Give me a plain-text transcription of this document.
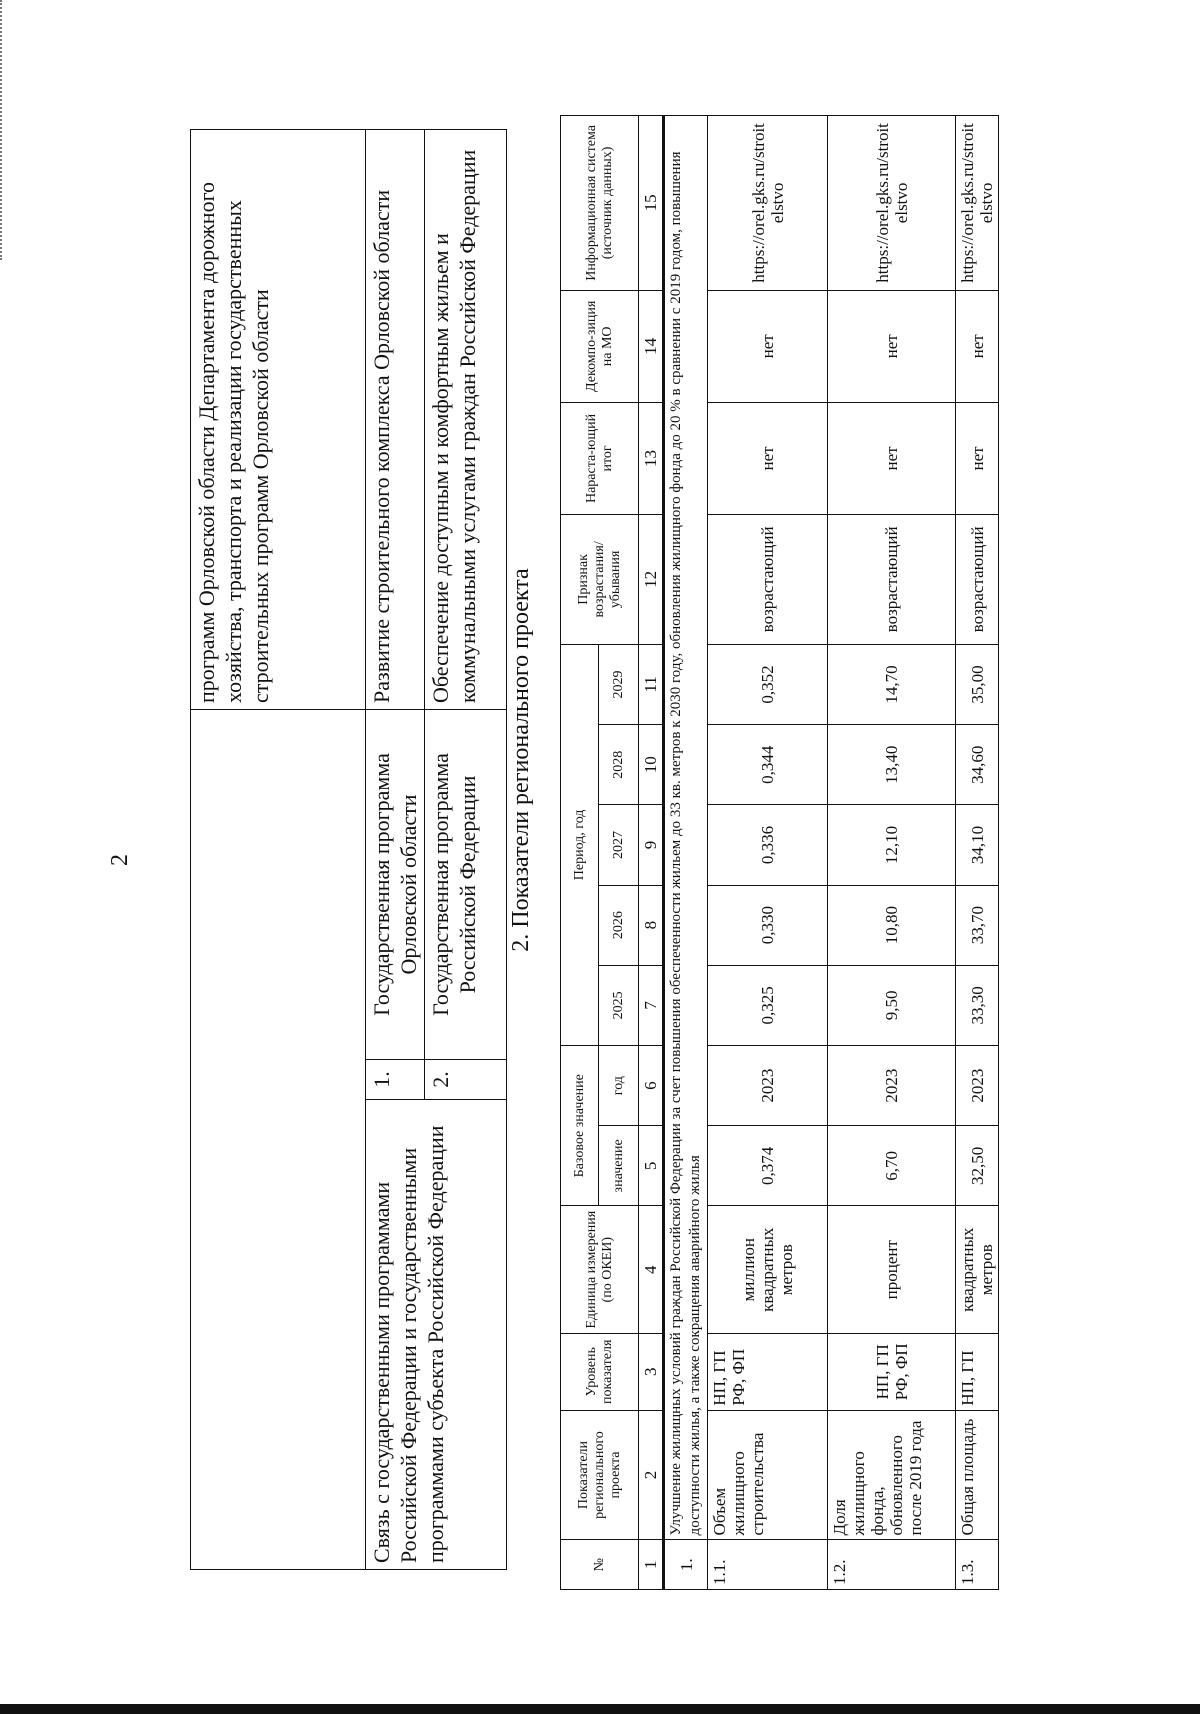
2
			программ Орловской области Департамента дорожного хозяйства, транспорта и реализации государственных строительных программ Орловской области
Связь с государственными программами Российской Федерации и государственными программами субъекта Российской Федерации	1.	Государственная программа Орловской области	Развитие строительного комплекса Орловской области
	2.	Государственная программа Российской Федерации	Обеспечение доступным и комфортным жильем и коммунальными услугами граждан Российской Федерации
2. Показатели регионального проекта
№	Показатели регионального проекта	Уровень показателя	Единица измерения (по ОКЕИ)	Базовое значение		Период, год					Признак возрастания/ убывания	Нараста-ющий итог	Декомпо-зиция на МО	Информационная система (источник данных)
				значение	год	2025	2026	2027	2028	2029				
1	2	3	4	5	6	7	8	9	10	11	12	13	14	15
1.	Улучшение жилищных условий граждан Российской Федерации за счет повышения обеспеченности жильем до 33 кв. метров к 2030 году, обновления жилищного фонда до 20 % в сравнении с 2019 годом, повышения доступности жилья, а также сокращения аварийного жилья													
1.1.	Объем жилищного строительства	НП, ГП РФ, ФП	миллион квадратных метров	0,374	2023	0,325	0,330	0,336	0,344	0,352	возрастающий	нет	нет	https://orel.gks.ru/stroitelstvo
1.2.	Доля жилищного фонда, обновленного после 2019 года	НП, ГП РФ, ФП	процент	6,70	2023	9,50	10,80	12,10	13,40	14,70	возрастающий	нет	нет	https://orel.gks.ru/stroitelstvo
1.3.	Общая площадь	НП, ГП	квадратных метров	32,50	2023	33,30	33,70	34,10	34,60	35,00	возрастающий	нет	нет	https://orel.gks.ru/stroitelstvo
